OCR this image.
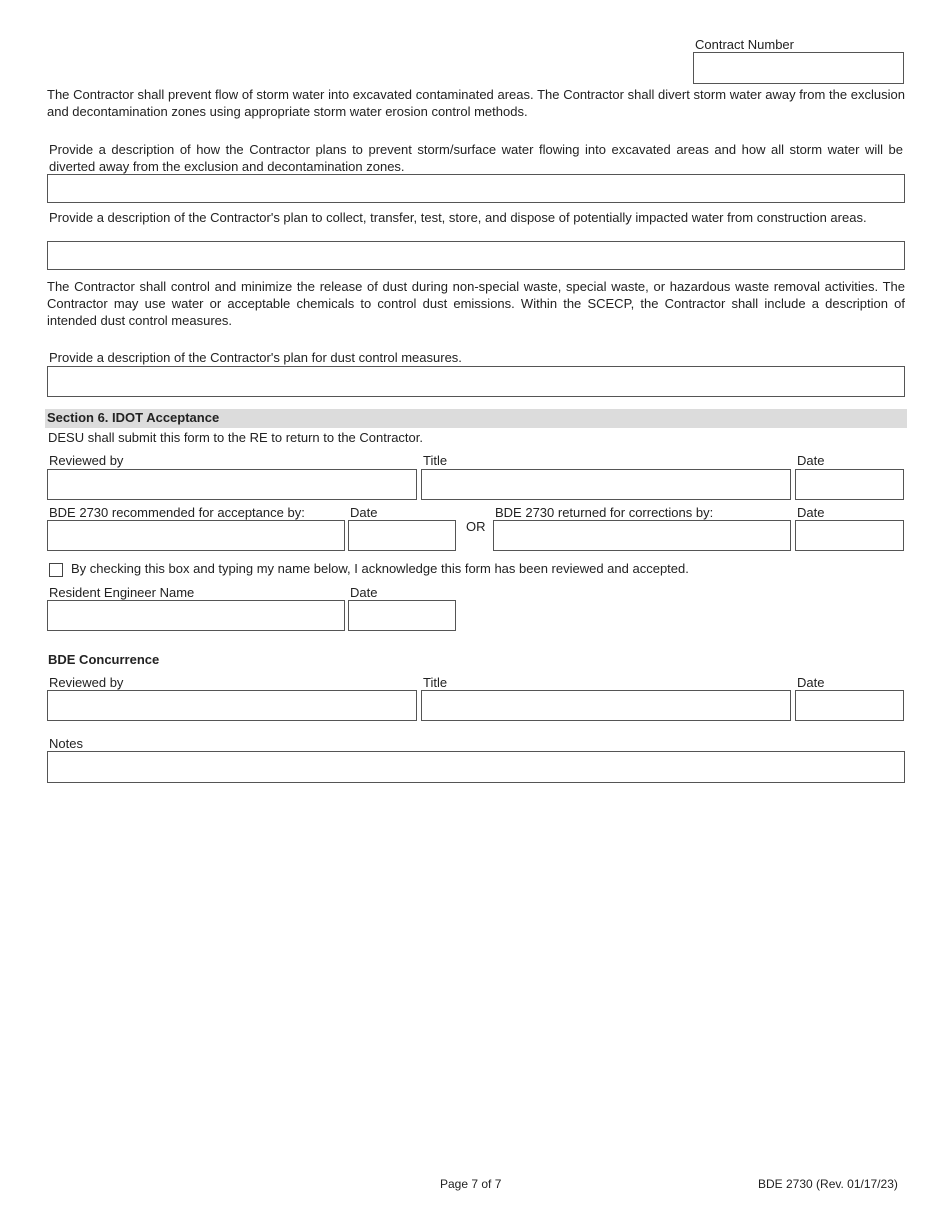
Contract Number
The Contractor shall prevent flow of storm water into excavated contaminated areas. The Contractor shall divert storm water away from the exclusion and decontamination zones using appropriate storm water erosion control methods.
Provide a description of how the Contractor plans to prevent storm/surface water flowing into excavated areas and how all storm water will be diverted away from the exclusion and decontamination zones.
Provide a description of the Contractor's plan to collect, transfer, test, store, and dispose of potentially impacted water from construction areas.
The Contractor shall control and minimize the release of dust during non-special waste, special waste, or hazardous waste removal activities. The Contractor may use water or acceptable chemicals to control dust emissions. Within the SCECP, the Contractor shall include a description of intended dust control measures.
Provide a description of the Contractor's plan for dust control measures.
Section 6. IDOT Acceptance
DESU shall submit this form to the RE to return to the Contractor.
Reviewed by	Title	Date
BDE 2730 recommended for acceptance by:	Date	BDE 2730 returned for corrections by:	Date
OR
By checking this box and typing my name below, I acknowledge this form has been reviewed and accepted.
Resident Engineer Name	Date
BDE Concurrence
Reviewed by	Title	Date
Notes
Page 7 of 7	BDE 2730 (Rev. 01/17/23)
